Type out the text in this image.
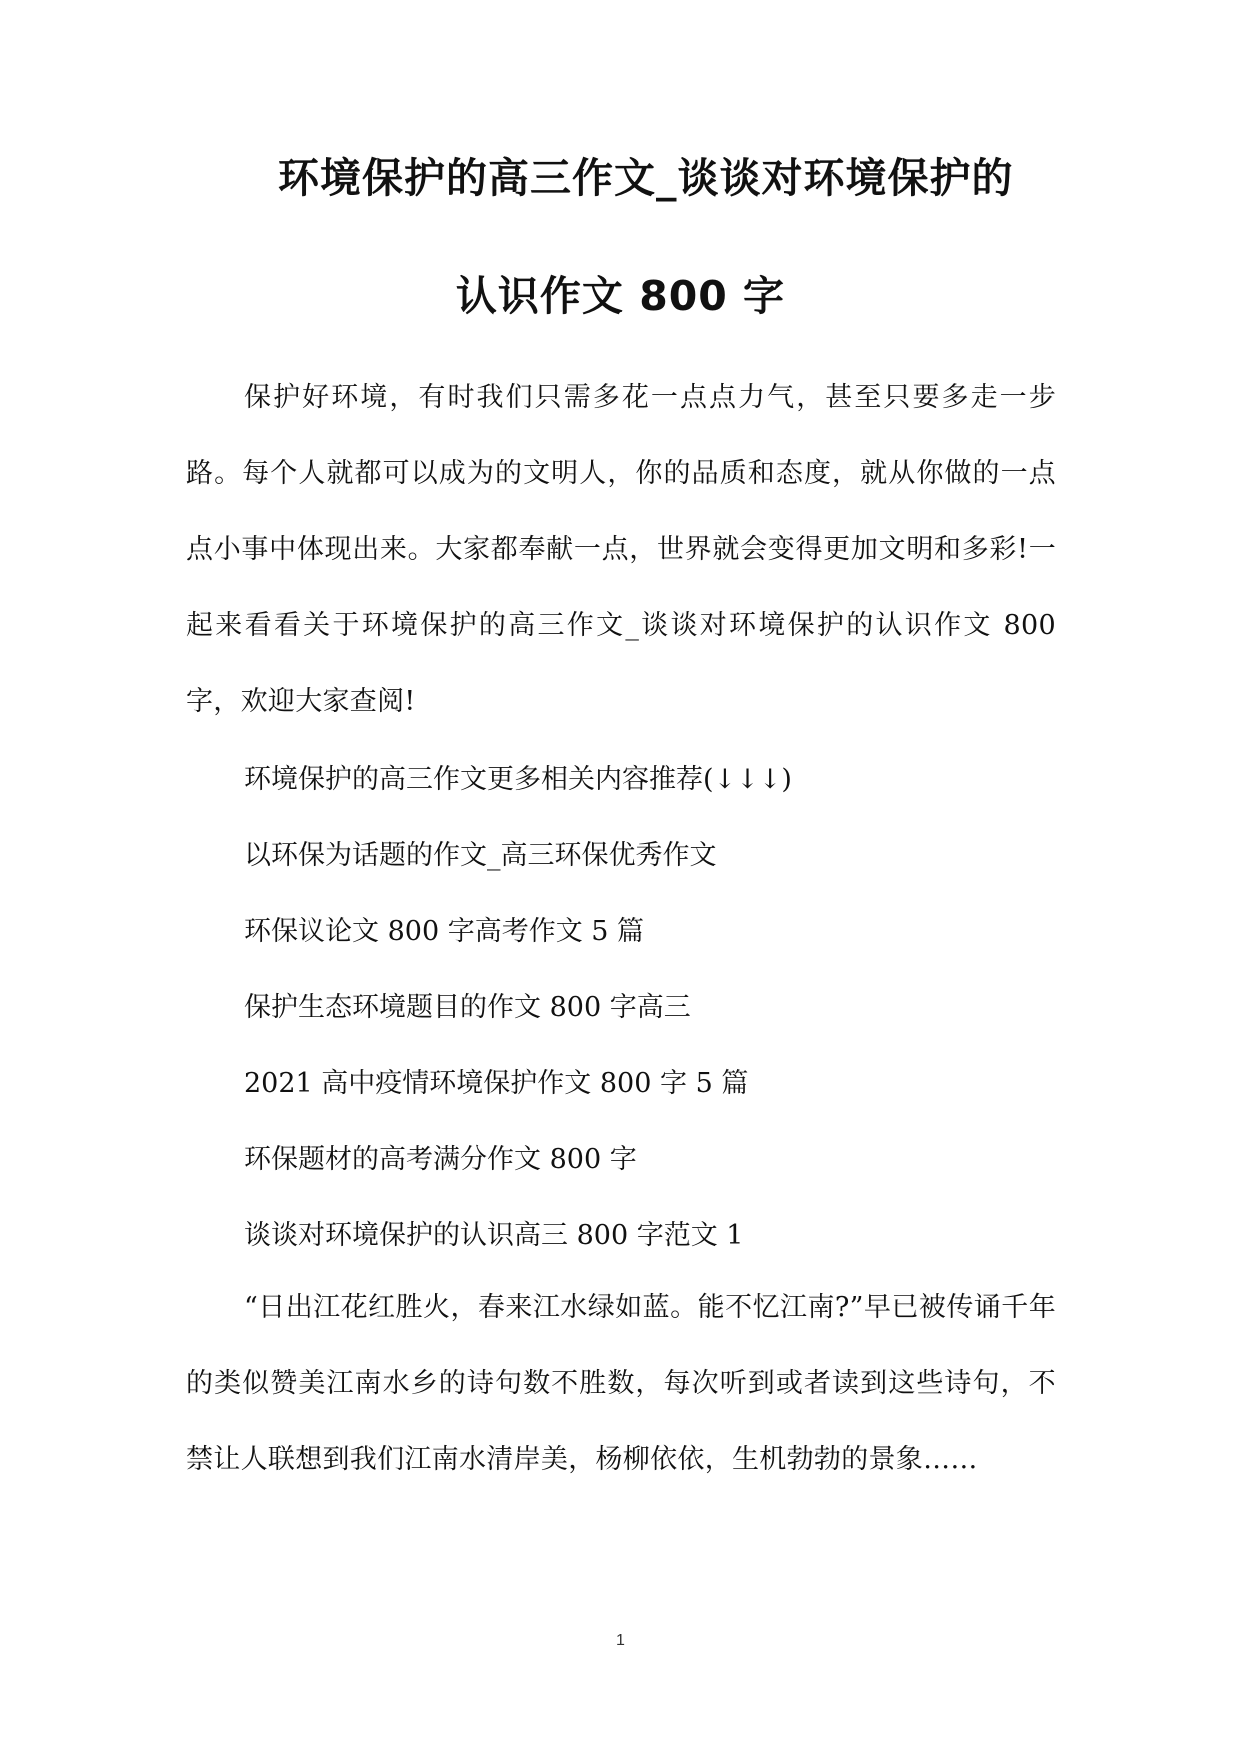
环境保护的高三作文_谈谈对环境保护的
认识作文 800 字
保护好环境，有时我们只需多花一点点力气，甚至只要多走一步路。每个人就都可以成为的文明人，你的品质和态度，就从你做的一点点小事中体现出来。大家都奉献一点，世界就会变得更加文明和多彩!一起来看看关于环境保护的高三作文_谈谈对环境保护的认识作文 800 字，欢迎大家查阅!
环境保护的高三作文更多相关内容推荐(↓↓↓)
以环保为话题的作文_高三环保优秀作文
环保议论文 800 字高考作文 5 篇
保护生态环境题目的作文 800 字高三
2021 高中疫情环境保护作文 800 字 5 篇
环保题材的高考满分作文 800 字
谈谈对环境保护的认识高三 800 字范文 1
“日出江花红胜火，春来江水绿如蓝。能不忆江南?”早已被传诵千年的类似赞美江南水乡的诗句数不胜数，每次听到或者读到这些诗句，不禁让人联想到我们江南水清岸美，杨柳依依，生机勃勃的景象……
1
